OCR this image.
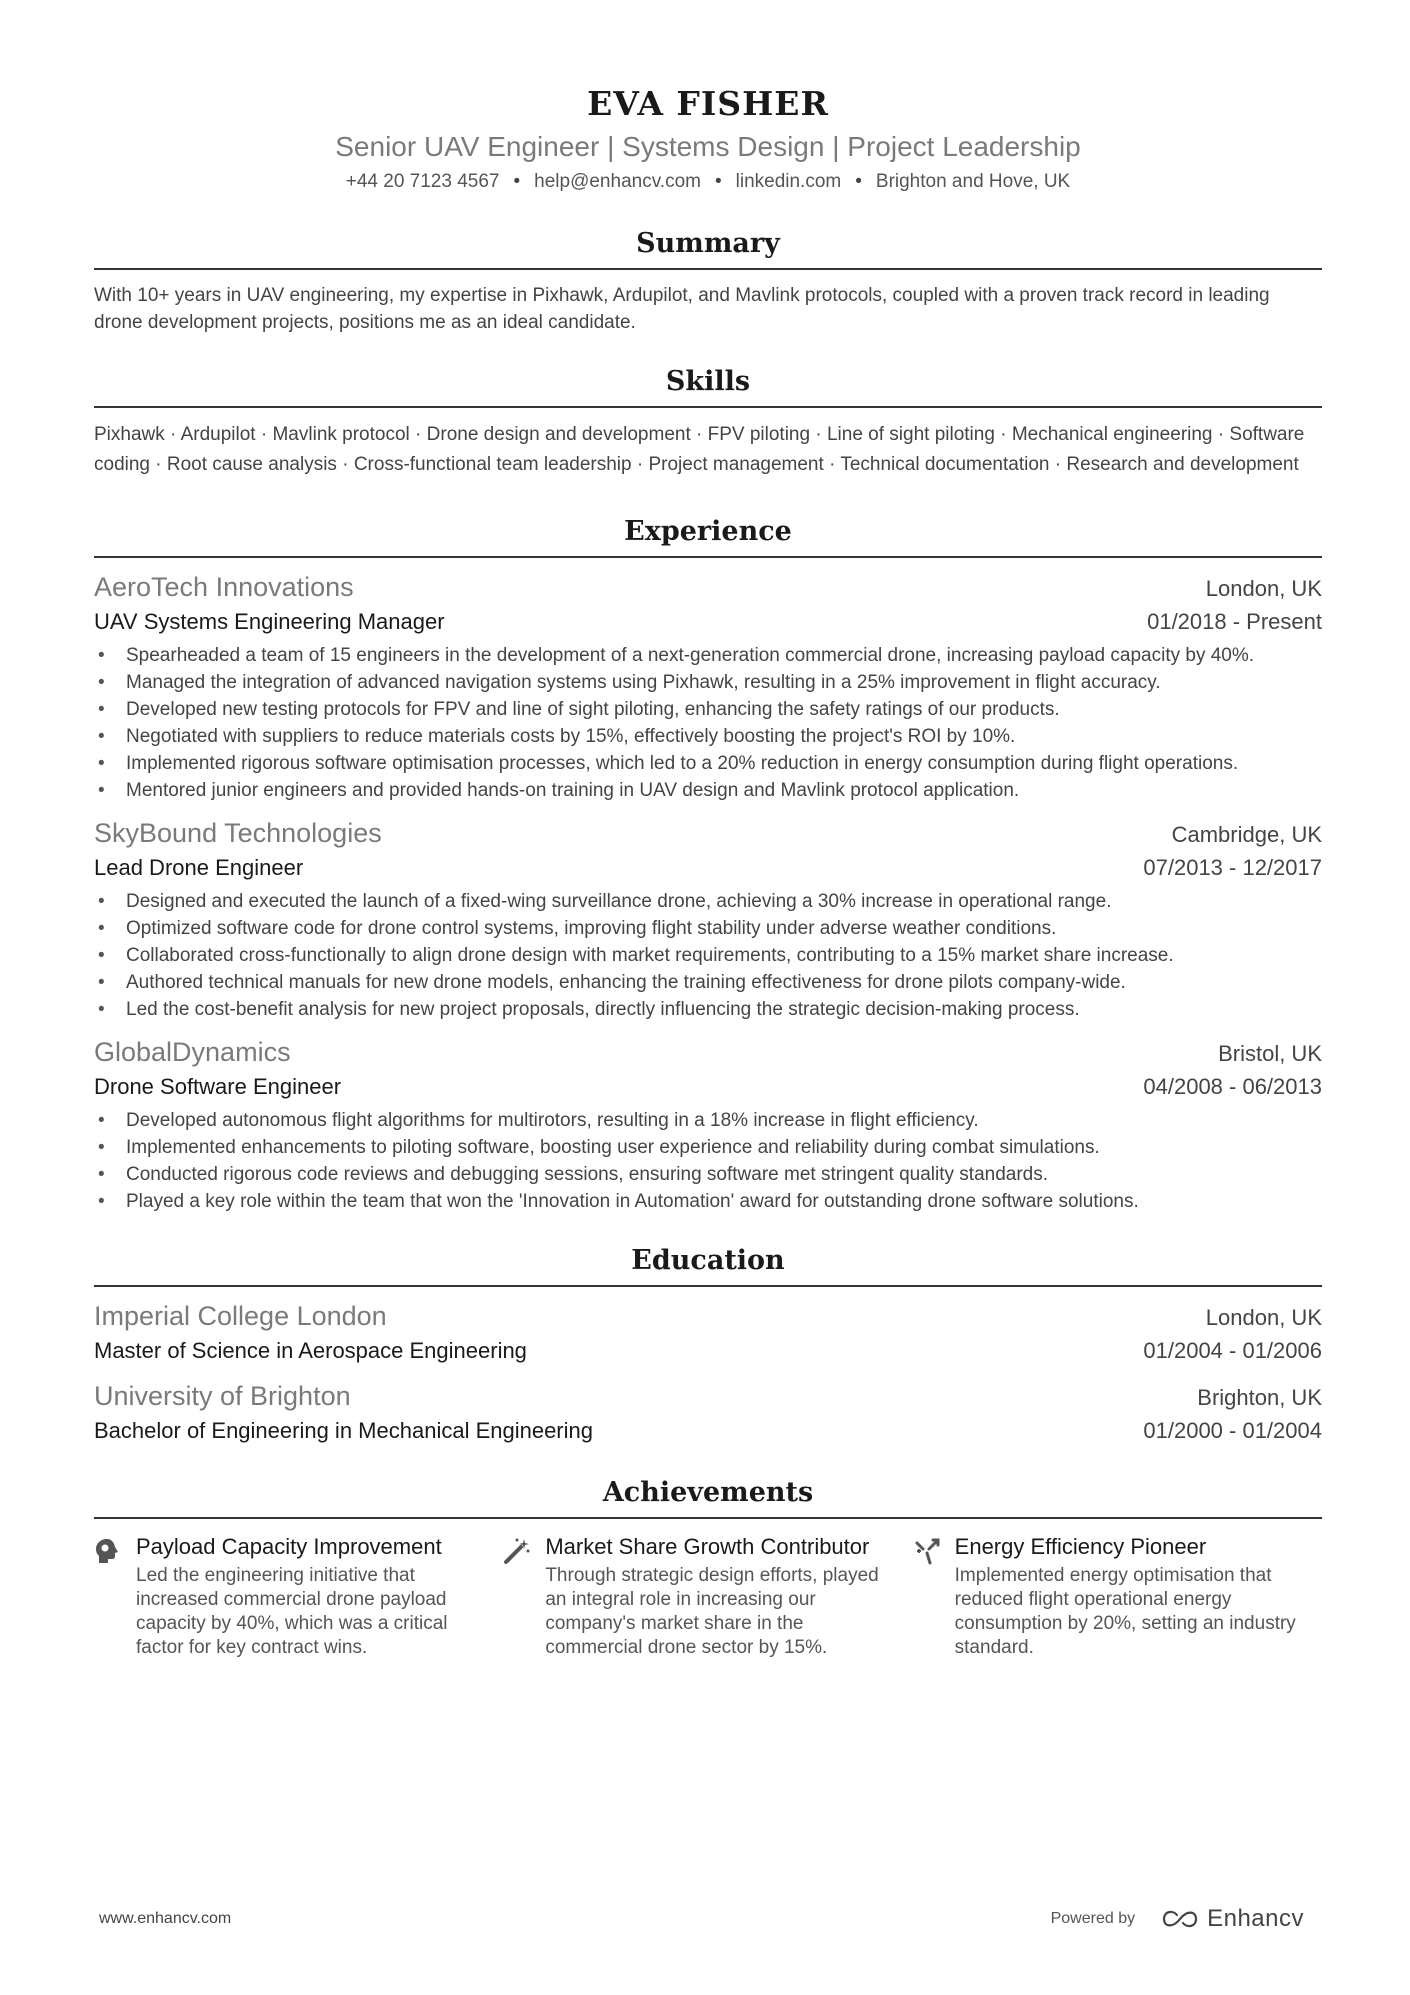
EVA FISHER
Senior UAV Engineer | Systems Design | Project Leadership
+44 20 7123 4567 • help@enhancv.com • linkedin.com • Brighton and Hove, UK
Summary
With 10+ years in UAV engineering, my expertise in Pixhawk, Ardupilot, and Mavlink protocols, coupled with a proven track record in leading drone development projects, positions me as an ideal candidate.
Skills
Pixhawk · Ardupilot · Mavlink protocol · Drone design and development · FPV piloting · Line of sight piloting · Mechanical engineering · Software coding · Root cause analysis · Cross-functional team leadership · Project management · Technical documentation · Research and development
Experience
AeroTech Innovations	London, UK
UAV Systems Engineering Manager	01/2018 - Present
• Spearheaded a team of 15 engineers in the development of a next-generation commercial drone, increasing payload capacity by 40%.
• Managed the integration of advanced navigation systems using Pixhawk, resulting in a 25% improvement in flight accuracy.
• Developed new testing protocols for FPV and line of sight piloting, enhancing the safety ratings of our products.
• Negotiated with suppliers to reduce materials costs by 15%, effectively boosting the project's ROI by 10%.
• Implemented rigorous software optimisation processes, which led to a 20% reduction in energy consumption during flight operations.
• Mentored junior engineers and provided hands-on training in UAV design and Mavlink protocol application.
SkyBound Technologies	Cambridge, UK
Lead Drone Engineer	07/2013 - 12/2017
• Designed and executed the launch of a fixed-wing surveillance drone, achieving a 30% increase in operational range.
• Optimized software code for drone control systems, improving flight stability under adverse weather conditions.
• Collaborated cross-functionally to align drone design with market requirements, contributing to a 15% market share increase.
• Authored technical manuals for new drone models, enhancing the training effectiveness for drone pilots company-wide.
• Led the cost-benefit analysis for new project proposals, directly influencing the strategic decision-making process.
GlobalDynamics	Bristol, UK
Drone Software Engineer	04/2008 - 06/2013
• Developed autonomous flight algorithms for multirotors, resulting in a 18% increase in flight efficiency.
• Implemented enhancements to piloting software, boosting user experience and reliability during combat simulations.
• Conducted rigorous code reviews and debugging sessions, ensuring software met stringent quality standards.
• Played a key role within the team that won the 'Innovation in Automation' award for outstanding drone software solutions.
Education
Imperial College London	London, UK
Master of Science in Aerospace Engineering	01/2004 - 01/2006
University of Brighton	Brighton, UK
Bachelor of Engineering in Mechanical Engineering	01/2000 - 01/2004
Achievements
Payload Capacity Improvement
Led the engineering initiative that increased commercial drone payload capacity by 40%, which was a critical factor for key contract wins.
Market Share Growth Contributor
Through strategic design efforts, played an integral role in increasing our company's market share in the commercial drone sector by 15%.
Energy Efficiency Pioneer
Implemented energy optimisation that reduced flight operational energy consumption by 20%, setting an industry standard.
www.enhancv.com	Powered by	Enhancv
